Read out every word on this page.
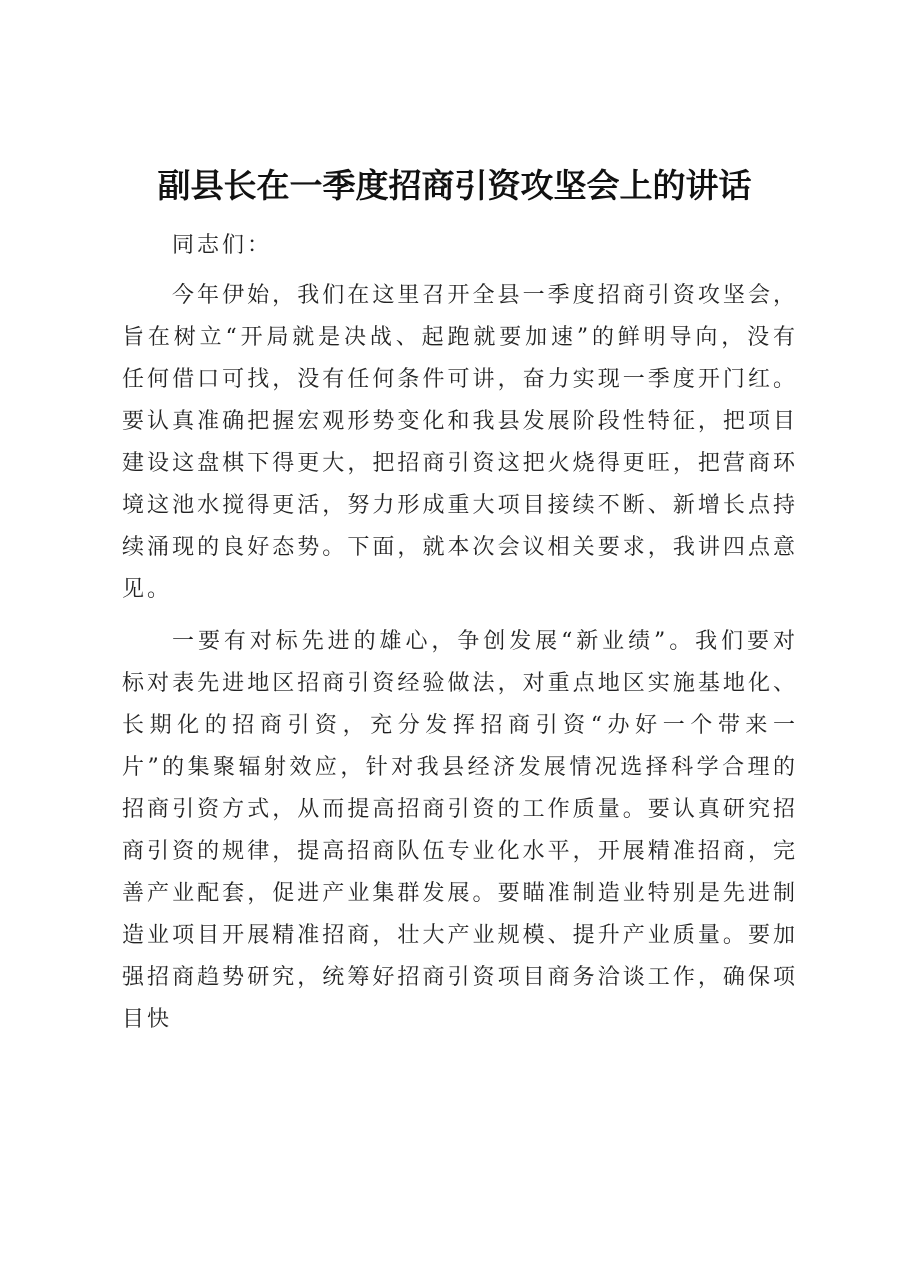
副县长在一季度招商引资攻坚会上的讲话

同志们：

今年伊始，我们在这里召开全县一季度招商引资攻坚会，旨在树立“开局就是决战、起跑就要加速”的鲜明导向，没有任何借口可找，没有任何条件可讲，奋力实现一季度开门红。要认真准确把握宏观形势变化和我县发展阶段性特征，把项目建设这盘棋下得更大，把招商引资这把火烧得更旺，把营商环境这池水搅得更活，努力形成重大项目接续不断、新增长点持续涌现的良好态势。下面，就本次会议相关要求，我讲四点意见。

一要有对标先进的雄心，争创发展“新业绩”。我们要对标对表先进地区招商引资经验做法，对重点地区实施基地化、长期化的招商引资，充分发挥招商引资“办好一个带来一片”的集聚辐射效应，针对我县经济发展情况选择科学合理的招商引资方式，从而提高招商引资的工作质量。要认真研究招商引资的规律，提高招商队伍专业化水平，开展精准招商，完善产业配套，促进产业集群发展。要瞄准制造业特别是先进制造业项目开展精准招商，壮大产业规模、提升产业质量。要加强招商趋势研究，统筹好招商引资项目商务洽谈工作，确保项目快
